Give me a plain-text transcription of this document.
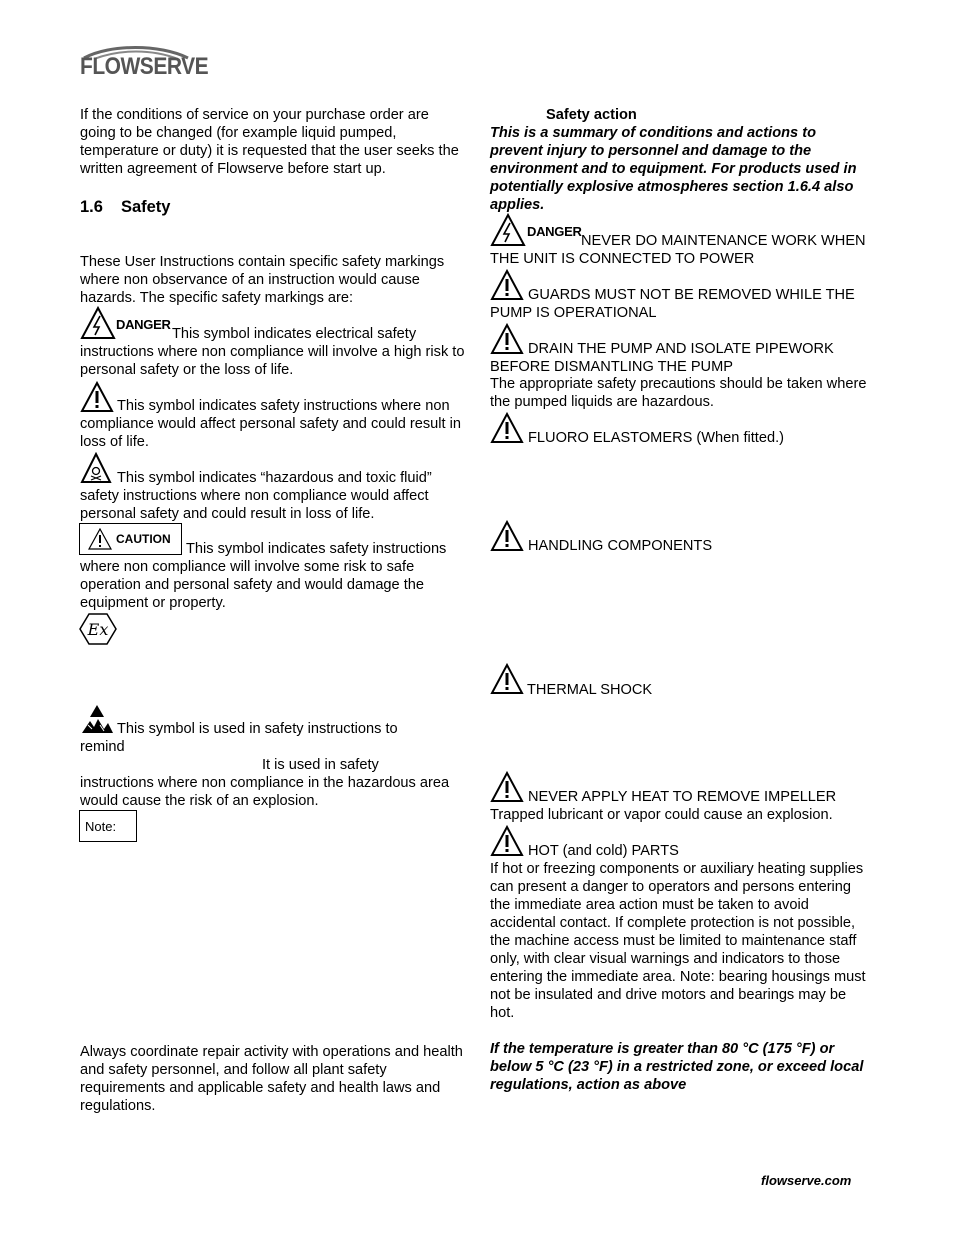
FLOWSERVE
If the conditions of service on your purchase order are going to be changed (for example liquid pumped, temperature or duty) it is requested that the user seeks the written agreement of Flowserve before start up.
1.6 Safety
These User Instructions contain specific safety markings where non observance of an instruction would cause hazards. The specific safety markings are:
DANGER
This symbol indicates electrical safety instructions where non compliance will involve a high risk to personal safety or the loss of life.
This symbol indicates safety instructions where non compliance would affect personal safety and could result in loss of life.
This symbol indicates “hazardous and toxic fluid” safety instructions where non compliance would affect personal safety and could result in loss of life.
CAUTION
This symbol indicates safety instructions where non compliance will involve some risk to safe operation and personal safety and would damage the equipment or property.
Ex
This symbol is used in safety instructions to
remind
It is used in safety
instructions where non compliance in the hazardous area would cause the risk of an explosion.
Note:
Always coordinate repair activity with operations and health and safety personnel, and follow all plant safety requirements and applicable safety and health laws and regulations.
Safety action
This is a summary of conditions and actions to prevent injury to personnel and damage to the environment and to equipment. For products used in potentially explosive atmospheres section 1.6.4 also applies.
DANGER
NEVER DO MAINTENANCE WORK WHEN THE UNIT IS CONNECTED TO POWER
GUARDS MUST NOT BE REMOVED WHILE THE PUMP IS OPERATIONAL
DRAIN THE PUMP AND ISOLATE PIPEWORK BEFORE DISMANTLING THE PUMP
The appropriate safety precautions should be taken where the pumped liquids are hazardous.
FLUORO ELASTOMERS (When fitted.)
HANDLING COMPONENTS
THERMAL SHOCK
NEVER APPLY HEAT TO REMOVE IMPELLER
Trapped lubricant or vapor could cause an explosion.
HOT (and cold) PARTS
If hot or freezing components or auxiliary heating supplies can present a danger to operators and persons entering the immediate area action must be taken to avoid accidental contact. If complete protection is not possible, the machine access must be limited to maintenance staff only, with clear visual warnings and indicators to those entering the immediate area. Note: bearing housings must not be insulated and drive motors and bearings may be hot.
If the temperature is greater than 80 °C (175 °F) or below 5 °C (23 °F) in a restricted zone, or exceed local regulations, action as above
flowserve.com
